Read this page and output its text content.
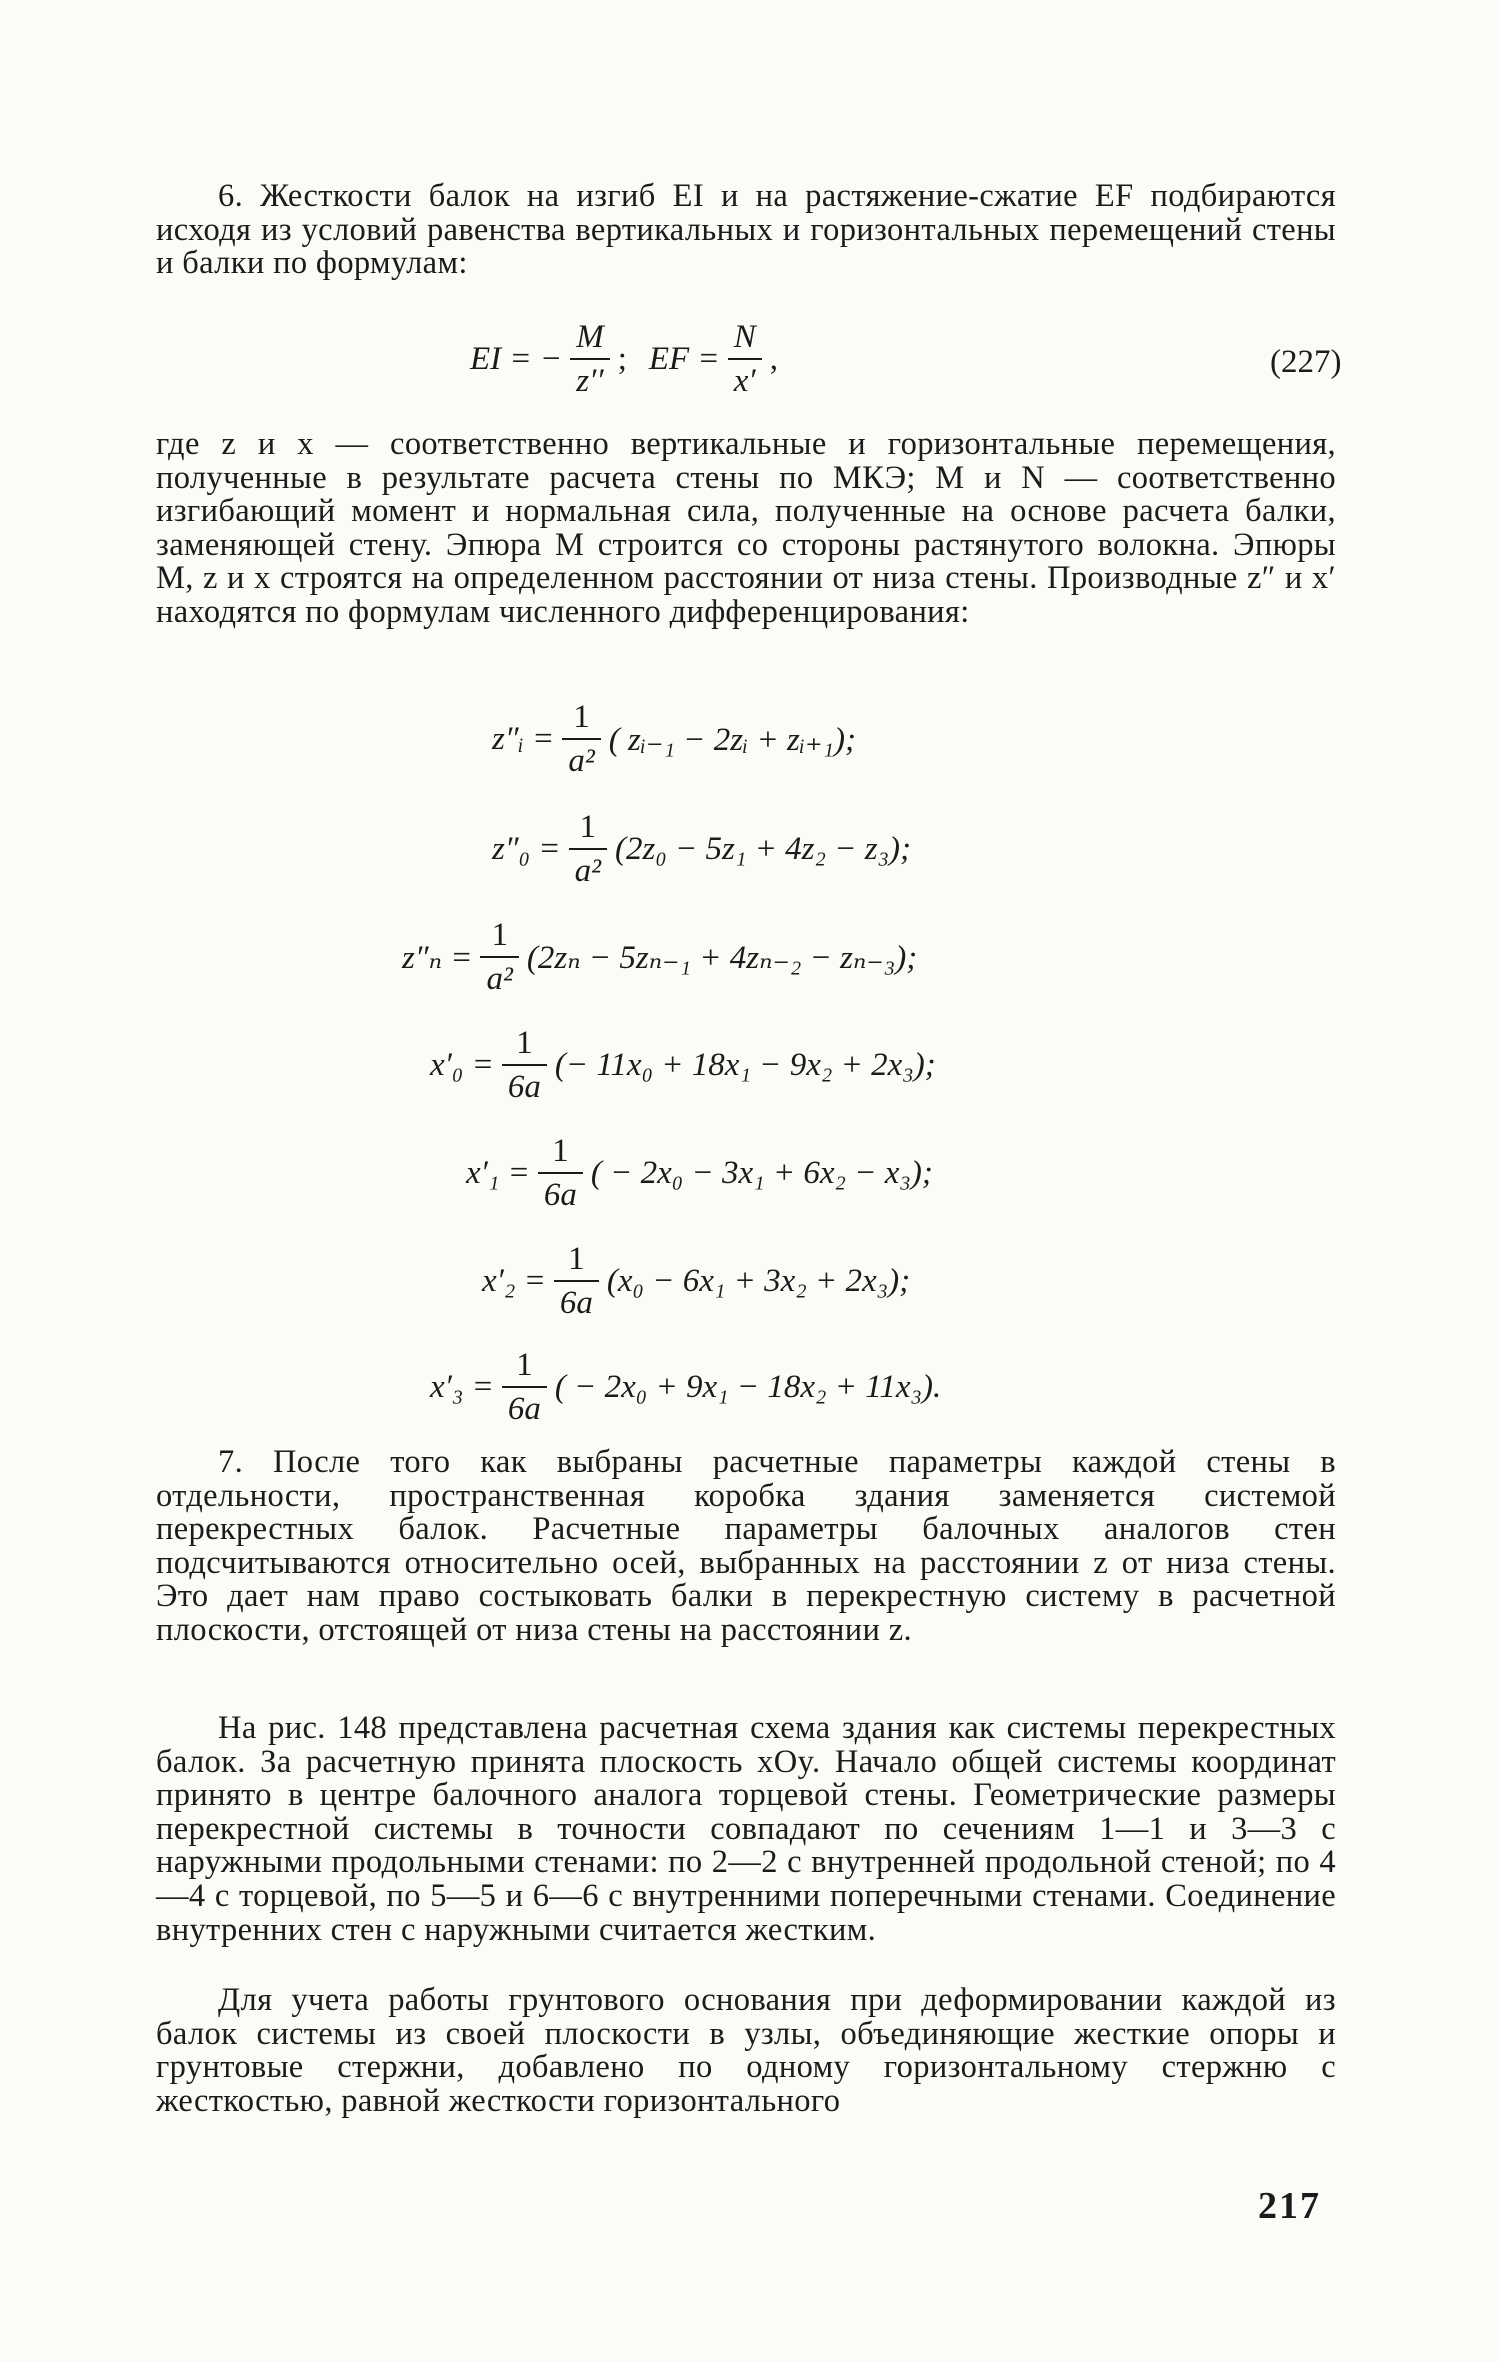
6. Жесткости балок на изгиб EI и на растяжение-сжатие EF подбираются исходя из условий равенства вертикальных и горизонтальных перемещений стены и балки по формулам:
EI = − $\frac{M}{z''}$ ; EF = $\frac{N}{x'}$ ,	(227)
где z и x — соответственно вертикальные и горизонтальные перемещения, полученные в результате расчета стены по МКЭ; M и N — соответственно изгибающий момент и нормальная сила, полученные на основе расчета балки, заменяющей стену. Эпюра M строится со стороны растянутого волокна. Эпюры M, z и x строятся на определенном расстоянии от низа стены. Производные z″ и x′ находятся по формулам численного дифференцирования:
z″ᵢ = $\frac{1}{\text{a²}}$ ( zᵢ₋₁ − 2zᵢ + zᵢ₊₁);
$z''_0 = \frac{1}{\text{a²}} (2z_0 - 5z_1 + 4z_2 - z_3)$;
$z''_n = \frac{1}{\text{a²}} (2z_n - 5z_{n-1} + 4z_{n-2} - z_{n-3})$;
$x'_0 = \frac{1}{6a}$ (− 11x₀ + 18x₁ − 9x₂ + 2x₃);
$x'_1 = \frac{1}{6a}$ ( − 2x₀ − 3x₁ + 6x₂ − x₃);
$x'_2 = \frac{1}{6a} (x_0 - 6x_1 + 3x_2 + 2x_3)$;
$x'_3 = \frac{1}{6a}$ ( − 2x₀ + 9x₁ − 18x₂ + 11x₃).
7. После того как выбраны расчетные параметры каждой стены в отдельности, пространственная коробка здания заменяется системой перекрестных балок. Расчетные параметры балочных аналогов стен подсчитываются относительно осей, выбранных на расстоянии z от низа стены. Это дает нам право состыковать балки в перекрестную систему в расчетной плоскости, отстоящей от низа стены на расстоянии z.
На рис. 148 представлена расчетная схема здания как системы перекрестных балок. За расчетную принята плоскость xOy. Начало общей системы координат принято в центре балочного аналога торцевой стены. Геометрические размеры перекрестной системы в точности совпадают по сечениям 1—1 и 3—3 с наружными продольными стенами: по 2—2 с внутренней продольной стеной; по 4—4 с торцевой, по 5—5 и 6—6 с внутренними поперечными стенами. Соединение внутренних стен с наружными считается жестким.
Для учета работы грунтового основания при деформировании каждой из балок системы из своей плоскости в узлы, объединяющие жесткие опоры и грунтовые стержни, добавлено по одному горизонтальному стержню с жесткостью, равной жесткости горизонтального
217
